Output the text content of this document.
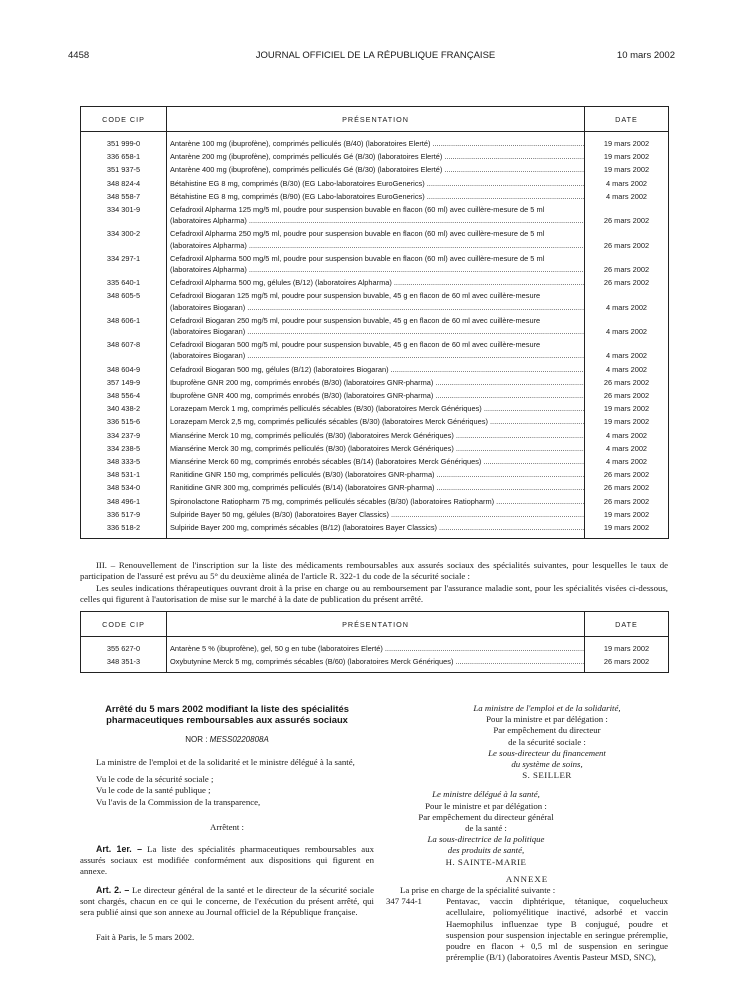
4458	JOURNAL OFFICIEL DE LA RÉPUBLIQUE FRANÇAISE	10 mars 2002
CODE CIP	PRÉSENTATION	DATE
351 999-0	Antarène 100 mg (ibuprofène), comprimés pelliculés (B/40) (laboratoires Elerté) .....	19 mars 2002
336 658-1	Antarène 200 mg (ibuprofène), comprimés pelliculés Gé (B/30) (laboratoires Elerté) .....	19 mars 2002
351 937-5	Antarène 400 mg (ibuprofène), comprimés pelliculés Gé (B/30) (laboratoires Elerté) .....	19 mars 2002
348 824-4	Bétahistine EG 8 mg, comprimés (B/30) (EG Labo-laboratoires EuroGenerics) .....	4 mars 2002
348 558-7	Bétahistine EG 8 mg, comprimés (B/90) (EG Labo-laboratoires EuroGenerics) .....	4 mars 2002
334 301-9	Cefadroxil Alpharma 125 mg/5 ml, poudre pour suspension buvable en flacon (60 ml) avec cuillère-mesure de 5 ml
(laboratoires Alpharma) .....	26 mars 2002
334 300-2	Cefadroxil Alpharma 250 mg/5 ml, poudre pour suspension buvable en flacon (60 ml) avec cuillère-mesure de 5 ml
(laboratoires Alpharma) .....	26 mars 2002
334 297-1	Cefadroxil Alpharma 500 mg/5 ml, poudre pour suspension buvable en flacon (60 ml) avec cuillère-mesure de 5 ml
(laboratoires Alpharma) .....	26 mars 2002
335 640-1	Cefadroxil Alpharma 500 mg, gélules (B/12) (laboratoires Alpharma) .....	26 mars 2002
348 605-5	Cefadroxil Biogaran 125 mg/5 ml, poudre pour suspension buvable, 45 g en flacon de 60 ml avec cuillère-mesure
(laboratoires Biogaran) .....	4 mars 2002
348 606-1	Cefadroxil Biogaran 250 mg/5 ml, poudre pour suspension buvable, 45 g en flacon de 60 ml avec cuillère-mesure
(laboratoires Biogaran) .....	4 mars 2002
348 607-8	Cefadroxil Biogaran 500 mg/5 ml, poudre pour suspension buvable, 45 g en flacon de 60 ml avec cuillère-mesure
(laboratoires Biogaran) .....	4 mars 2002
348 604-9	Cefadroxil Biogaran 500 mg, gélules (B/12) (laboratoires Biogaran) .....	4 mars 2002
357 149-9	Ibuprofène GNR 200 mg, comprimés enrobés (B/30) (laboratoires GNR-pharma) .....	26 mars 2002
348 556-4	Ibuprofène GNR 400 mg, comprimés enrobés (B/30) (laboratoires GNR-pharma) .....	26 mars 2002
340 438-2	Lorazepam Merck 1 mg, comprimés pelliculés sécables (B/30) (laboratoires Merck Génériques) .....	19 mars 2002
336 515-6	Lorazepam Merck 2,5 mg, comprimés pelliculés sécables (B/30) (laboratoires Merck Génériques) .....	19 mars 2002
334 237-9	Miansérine Merck 10 mg, comprimés pelliculés (B/30) (laboratoires Merck Génériques) .....	4 mars 2002
334 238-5	Miansérine Merck 30 mg, comprimés pelliculés (B/30) (laboratoires Merck Génériques) .....	4 mars 2002
348 333-5	Miansérine Merck 60 mg, comprimés enrobés sécables (B/14) (laboratoires Merck Génériques) .....	4 mars 2002
348 531-1	Ranitidine GNR 150 mg, comprimés pelliculés (B/30) (laboratoires GNR-pharma) .....	26 mars 2002
348 534-0	Ranitidine GNR 300 mg, comprimés pelliculés (B/14) (laboratoires GNR-pharma) .....	26 mars 2002
348 496-1	Spironolactone Ratiopharm 75 mg, comprimés pelliculés sécables (B/30) (laboratoires Ratiopharm) .....	26 mars 2002
336 517-9	Sulpiride Bayer 50 mg, gélules (B/30) (laboratoires Bayer Classics) .....	19 mars 2002
336 518-2	Sulpiride Bayer 200 mg, comprimés sécables (B/12) (laboratoires Bayer Classics) .....	19 mars 2002
III. – Renouvellement de l'inscription sur la liste des médicaments remboursables aux assurés sociaux des spécialités suivantes, pour lesquelles le taux de participation de l'assuré est prévu au 5° du deuxième alinéa de l'article R. 322-1 du code de la sécurité sociale :
Les seules indications thérapeutiques ouvrant droit à la prise en charge ou au remboursement par l'assurance maladie sont, pour les spécialités visées ci-dessous, celles qui figurent à l'autorisation de mise sur le marché à la date de publication du présent arrêté.
CODE CIP	PRÉSENTATION	DATE
355 627-0	Antarène 5 % (ibuprofène), gel, 50 g en tube (laboratoires Elerté) .....	19 mars 2002
348 351-3	Oxybutynine Merck 5 mg, comprimés sécables (B/60) (laboratoires Merck Génériques) .....	26 mars 2002
Arrêté du 5 mars 2002 modifiant la liste des spécialités pharmaceutiques remboursables aux assurés sociaux
NOR : MESS0220808A
La ministre de l'emploi et de la solidarité et le ministre délégué à la santé,
Vu le code de la sécurité sociale ;
Vu le code de la santé publique ;
Vu l'avis de la Commission de la transparence,
Arrêtent :
Art. 1er. – La liste des spécialités pharmaceutiques remboursables aux assurés sociaux est modifiée conformément aux dispositions qui figurent en annexe.
Art. 2. – Le directeur général de la santé et le directeur de la sécurité sociale sont chargés, chacun en ce qui le concerne, de l'exécution du présent arrêté, qui sera publié ainsi que son annexe au Journal officiel de la République française.
Fait à Paris, le 5 mars 2002.
La ministre de l'emploi et de la solidarité,
Pour la ministre et par délégation :
Par empêchement du directeur
de la sécurité sociale :
Le sous-directeur du financement
du système de soins,
S. SEILLER
Le ministre délégué à la santé,
Pour le ministre et par délégation :
Par empêchement du directeur général
de la santé :
La sous-directrice de la politique
des produits de santé,
H. SAINTE-MARIE
ANNEXE
La prise en charge de la spécialité suivante :
347 744-1	Pentavac, vaccin diphtérique, tétanique, coquelucheux acellulaire, poliomyélitique inactivé, adsorbé et vaccin Haemophilus influenzae type B conjugué, poudre et suspension pour suspension injectable en seringue préremplie, poudre en flacon + 0,5 ml de suspension en seringue préremplie (B/1) (laboratoires Aventis Pasteur MSD, SNC),
